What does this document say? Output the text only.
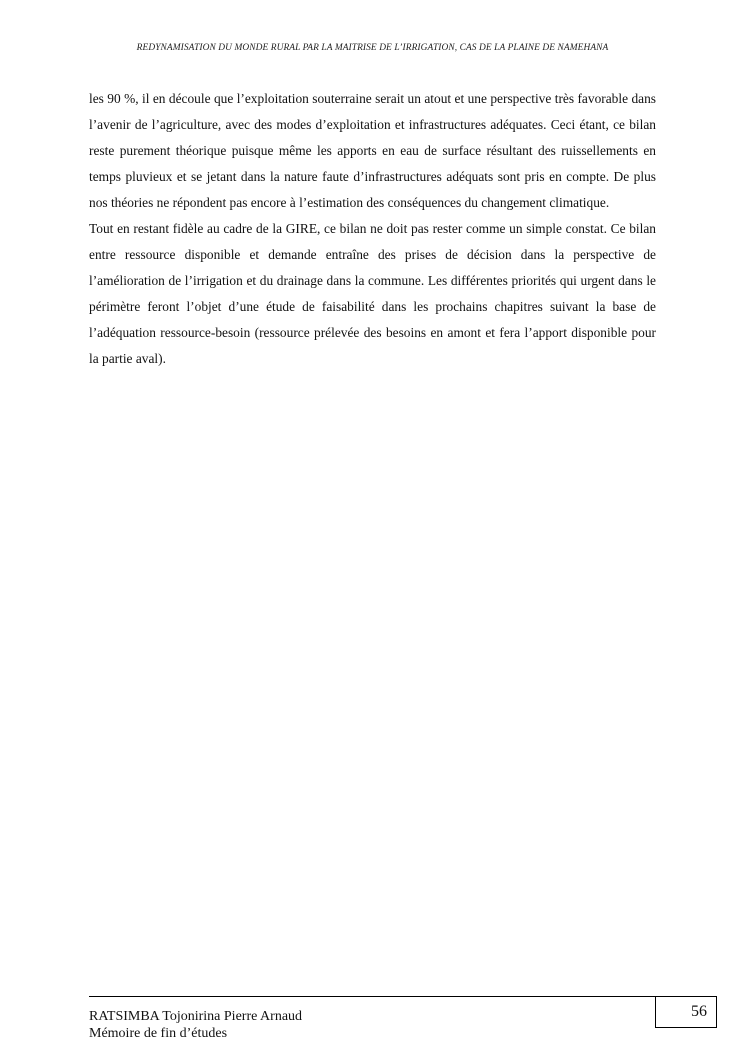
REDYNAMISATION DU MONDE RURAL PAR LA MAITRISE DE L’IRRIGATION, CAS DE LA PLAINE DE NAMEHANA

les 90 %, il en découle que l’exploitation souterraine serait un atout et une perspective très favorable dans l’avenir de l’agriculture, avec des modes d’exploitation et infrastructures adéquates. Ceci étant, ce bilan reste purement théorique puisque même les apports en eau de surface résultant des ruissellements en temps pluvieux et se jetant dans la nature faute d’infrastructures adéquats sont pris en compte. De plus nos théories ne répondent pas encore à l’estimation des conséquences du changement climatique.

Tout en restant fidèle au cadre de la GIRE, ce bilan ne doit pas rester comme un simple constat. Ce bilan entre ressource disponible et demande entraîne des prises de décision dans la perspective de l’amélioration de l’irrigation et du drainage dans la commune. Les différentes priorités qui urgent dans le périmètre feront l’objet d’une étude de faisabilité dans les prochains chapitres suivant la base de l’adéquation ressource-besoin (ressource prélevée des besoins en amont et fera l’apport disponible pour la partie aval).

RATSIMBA Tojonirina Pierre Arnaud
Mémoire de fin d’études
56
